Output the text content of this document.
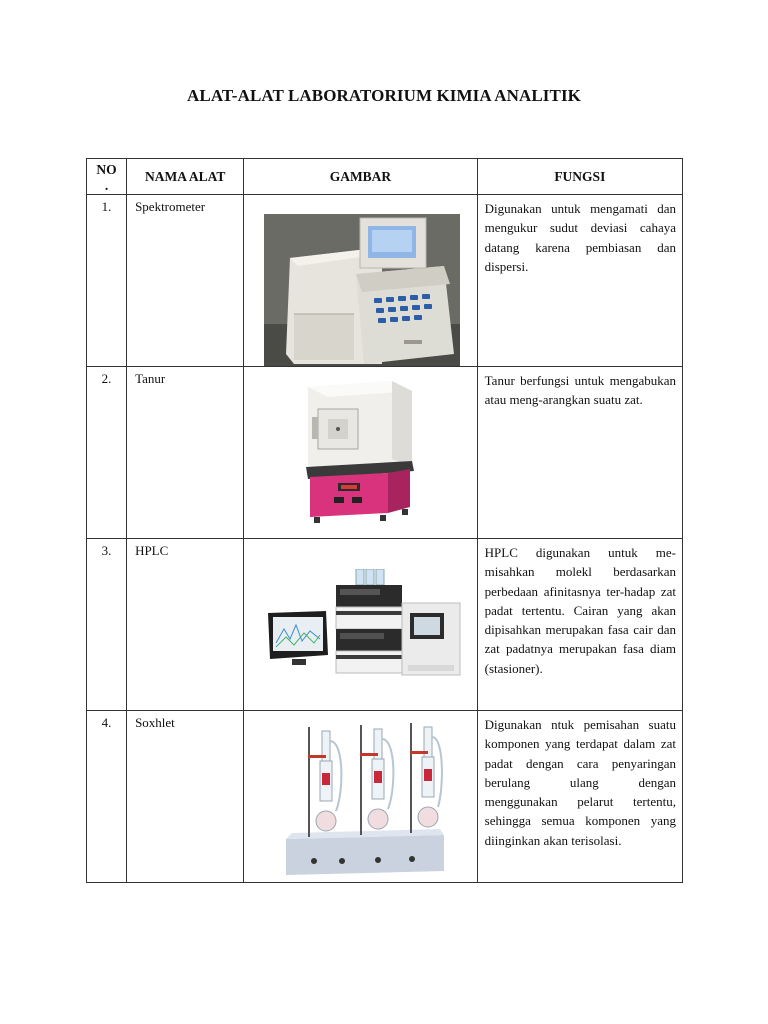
ALAT-ALAT LABORATORIUM KIMIA ANALITIK
NO
.	NAMA ALAT	GAMBAR	FUNGSI
1.	Spektrometer		Digunakan untuk mengamati dan mengukur sudut deviasi cahaya datang karena pembiasan dan dispersi.
2.	Tanur		Tanur berfungsi untuk mengabukan atau meng-arangkan suatu zat.
3.	HPLC		HPLC digunakan untuk me-misahkan molekl berdasarkan perbedaan afinitasnya ter-hadap zat padat tertentu. Cairan yang akan dipisahkan merupakan fasa cair dan zat padatnya merupakan fasa diam (stasioner).
4.	Soxhlet		Digunakan ntuk pemisahan suatu komponen yang terdapat dalam zat padat dengan cara penyaringan berulang ulang dengan menggunakan pelarut tertentu, sehingga semua komponen yang diinginkan akan terisolasi.
